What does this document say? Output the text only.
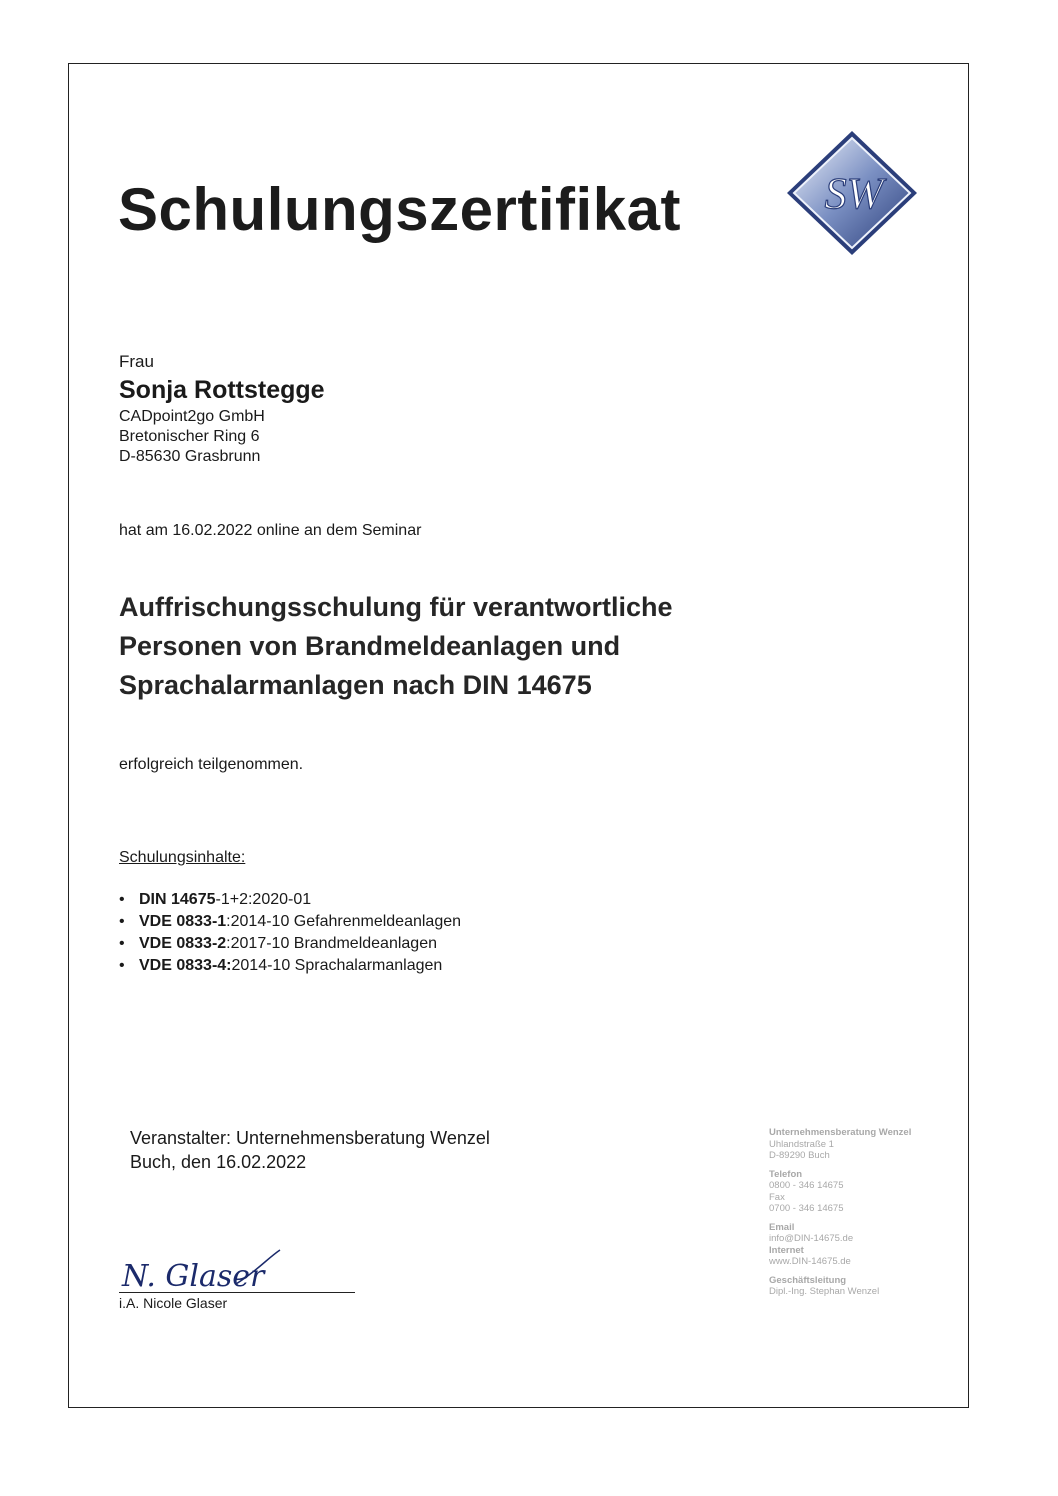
Schulungszertifikat	SW
Frau
Sonja Rottstegge
CADpoint2go GmbH
Bretonischer Ring 6
D-85630 Grasbrunn
hat am 16.02.2022 online an dem Seminar
Auffrischungsschulung für verantwortliche
Personen von Brandmeldeanlagen und
Sprachalarmanlagen nach DIN 14675
erfolgreich teilgenommen.
Schulungsinhalte:
• DIN 14675-1+2:2020-01
• VDE 0833-1:2014-10 Gefahrenmeldeanlagen
• VDE 0833-2:2017-10 Brandmeldeanlagen
• VDE 0833-4:2014-10 Sprachalarmanlagen
Veranstalter: Unternehmensberatung Wenzel
Buch, den 16.02.2022
N. Glaser
i.A. Nicole Glaser
Unternehmensberatung Wenzel
Uhlandstraße 1
D-89290 Buch
Telefon
0800 - 346 14675
Fax
0700 - 346 14675
Email
info@DIN-14675.de
Internet
www.DIN-14675.de
Geschäftsleitung
Dipl.-Ing. Stephan Wenzel
